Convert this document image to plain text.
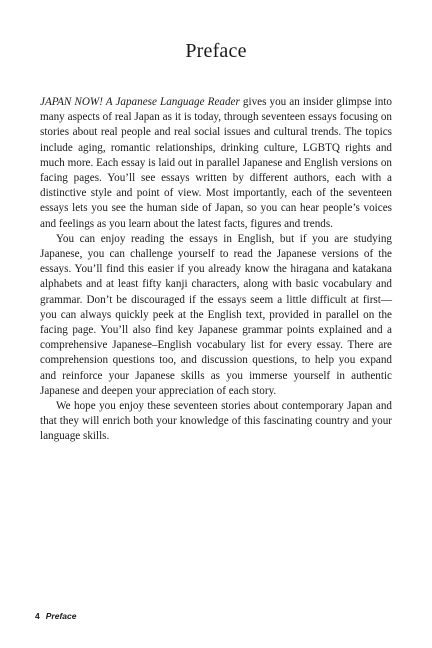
Preface

JAPAN NOW! A Japanese Language Reader gives you an insider glimpse into many aspects of real Japan as it is today, through seventeen essays focusing on stories about real people and real social issues and cultural trends. The topics include aging, romantic relationships, drinking culture, LGBTQ rights and much more. Each essay is laid out in parallel Japanese and English versions on facing pages. You’ll see essays written by different authors, each with a distinctive style and point of view. Most importantly, each of the seventeen essays lets you see the human side of Japan, so you can hear people’s voices and feelings as you learn about the latest facts, figures and trends.

You can enjoy reading the essays in English, but if you are studying Japanese, you can challenge yourself to read the Japanese versions of the essays. You’ll find this easier if you already know the hiragana and katakana alphabets and at least fifty kanji characters, along with basic vocabulary and grammar. Don’t be discouraged if the essays seem a little difficult at first—you can always quickly peek at the English text, provided in parallel on the facing page. You’ll also find key Japanese grammar points explained and a comprehensive Japanese–English vocabulary list for every essay. There are comprehension questions too, and discussion questions, to help you expand and reinforce your Japanese skills as you immerse yourself in authentic Japanese and deepen your appreciation of each story.

We hope you enjoy these seventeen stories about contemporary Japan and that they will enrich both your knowledge of this fascinating country and your language skills.

4 Preface
